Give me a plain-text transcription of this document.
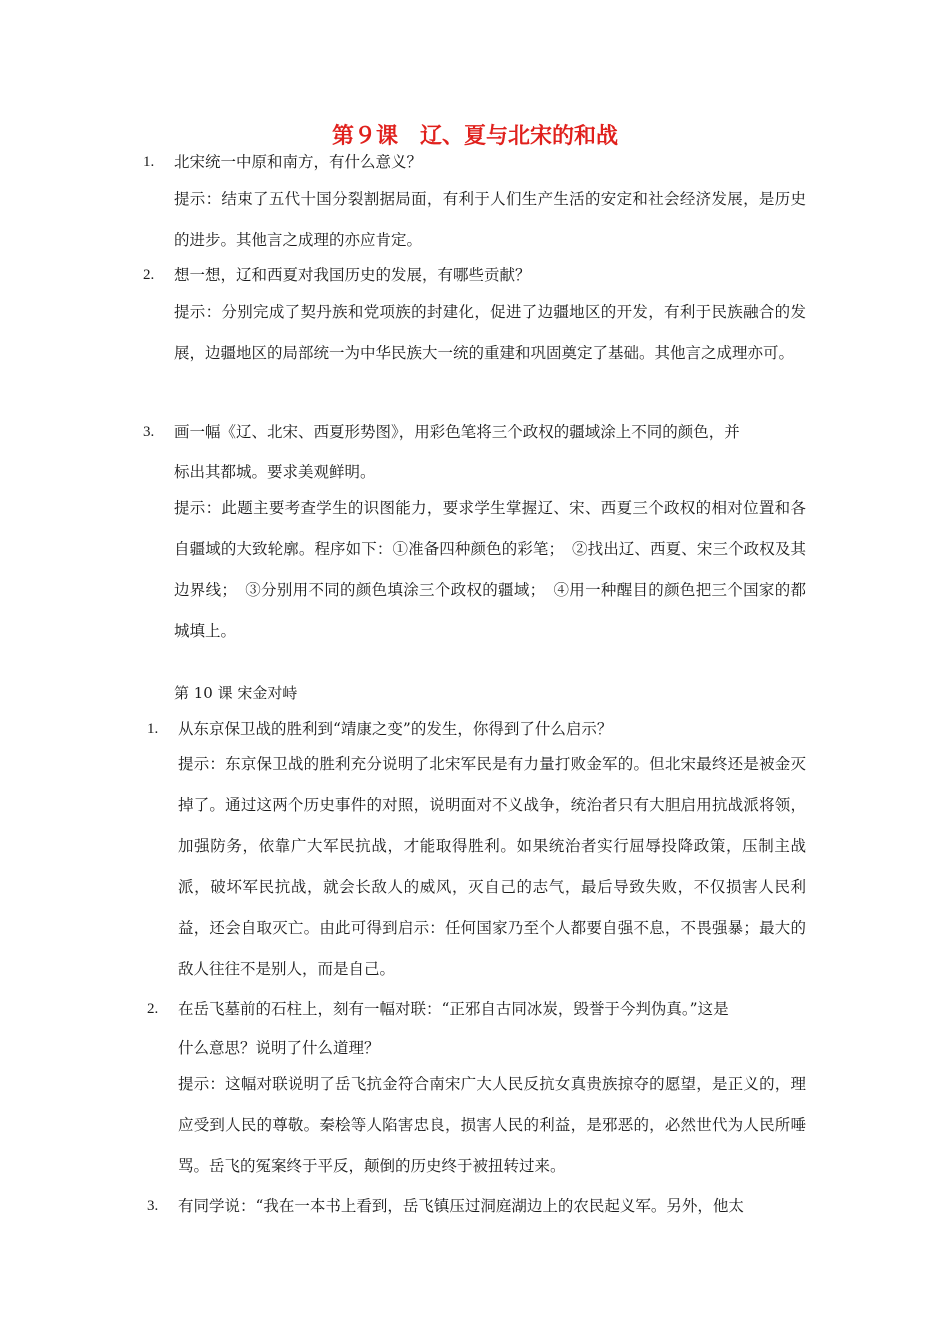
第９课　辽、夏与北宋的和战
1. 北宋统一中原和南方，有什么意义？
提示：结束了五代十国分裂割据局面，有利于人们生产生活的安定和社会经济发展，是历史的进步。其他言之成理的亦应肯定。
2. 想一想，辽和西夏对我国历史的发展，有哪些贡献？
提示：分别完成了契丹族和党项族的封建化，促进了边疆地区的开发，有利于民族融合的发展，边疆地区的局部统一为中华民族大一统的重建和巩固奠定了基础。其他言之成理亦可。
3. 画一幅《辽、北宋、西夏形势图》，用彩色笔将三个政权的疆域涂上不同的颜色，并
标出其都城。要求美观鲜明。
提示：此题主要考查学生的识图能力，要求学生掌握辽、宋、西夏三个政权的相对位置和各自疆域的大致轮廓。程序如下：①准备四种颜色的彩笔；　②找出辽、西夏、宋三个政权及其边界线；　③分别用不同的颜色填涂三个政权的疆域；　④用一种醒目的颜色把三个国家的都城填上。
第 10 课 宋金对峙
1. 从东京保卫战的胜利到“靖康之变”的发生，你得到了什么启示？
提示：东京保卫战的胜利充分说明了北宋军民是有力量打败金军的。但北宋最终还是被金灭掉了。通过这两个历史事件的对照，说明面对不义战争，统治者只有大胆启用抗战派将领，加强防务，依靠广大军民抗战，才能取得胜利。如果统治者实行屈辱投降政策，压制主战派，破坏军民抗战，就会长敌人的威风，灭自己的志气，最后导致失败，不仅损害人民利益，还会自取灭亡。由此可得到启示：任何国家乃至个人都要自强不息，不畏强暴；最大的敌人往往不是别人，而是自己。
2. 在岳飞墓前的石柱上，刻有一幅对联：“正邪自古同冰炭，毁誉于今判伪真。”这是
什么意思？说明了什么道理？
提示：这幅对联说明了岳飞抗金符合南宋广大人民反抗女真贵族掠夺的愿望，是正义的，理应受到人民的尊敬。秦桧等人陷害忠良，损害人民的利益，是邪恶的，必然世代为人民所唾骂。岳飞的冤案终于平反，颠倒的历史终于被扭转过来。
3. 有同学说：“我在一本书上看到，岳飞镇压过洞庭湖边上的农民起义军。另外，他太
